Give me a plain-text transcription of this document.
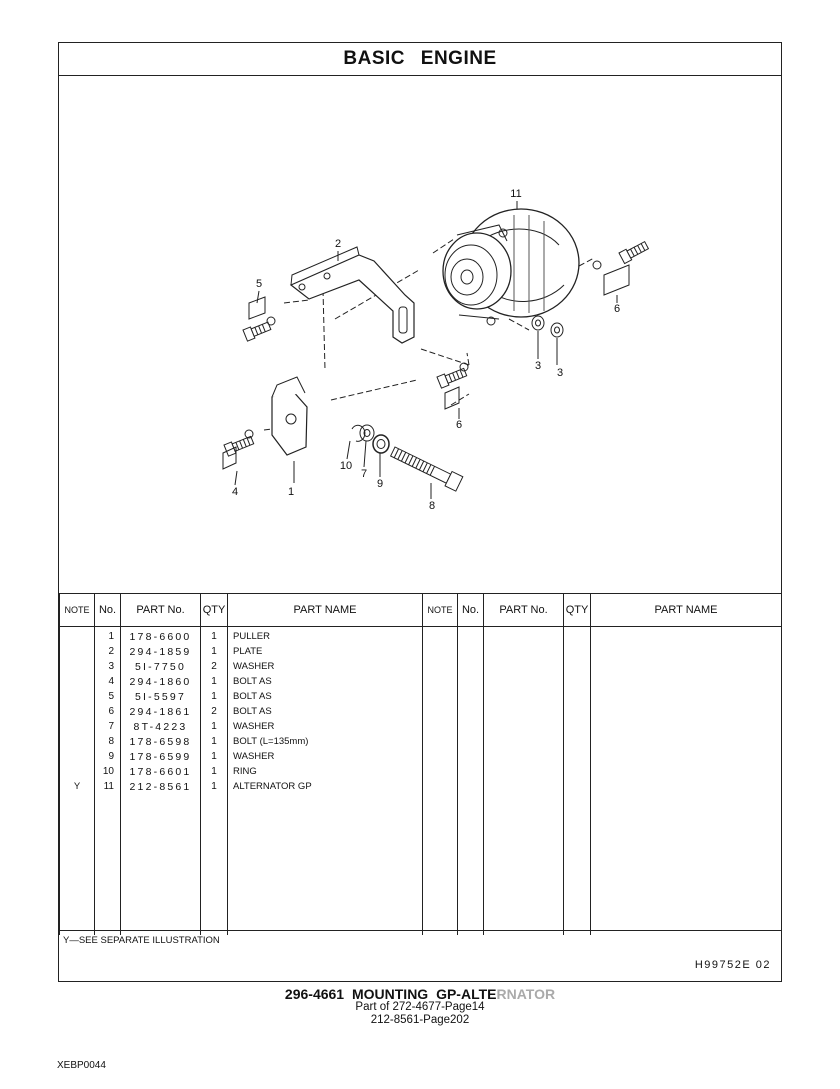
BASIC ENGINE
1
2
3
3
4
5
6
6
7
8
9
10
11
NOTE	No.	PART No.	QTY	PART NAME	NOTE	No.	PART No.	QTY	PART NAME
	1	178-6600	1	PULLER					
	2	294-1859	1	PLATE					
	3	5I-7750	2	WASHER					
	4	294-1860	1	BOLT AS					
	5	5I-5597	1	BOLT AS					
	6	294-1861	2	BOLT AS					
	7	8T-4223	1	WASHER					
	8	178-6598	1	BOLT (L=135mm)					
	9	178-6599	1	WASHER					
	10	178-6601	1	RING					
Y	11	212-8561	1	ALTERNATOR GP					

Y—SEE SEPARATE ILLUSTRATION
H99752E 02
296-4661 MOUNTING GP-ALTERNATOR
Part of 272-4677-Page14
212-8561-Page202
XEBP0044
